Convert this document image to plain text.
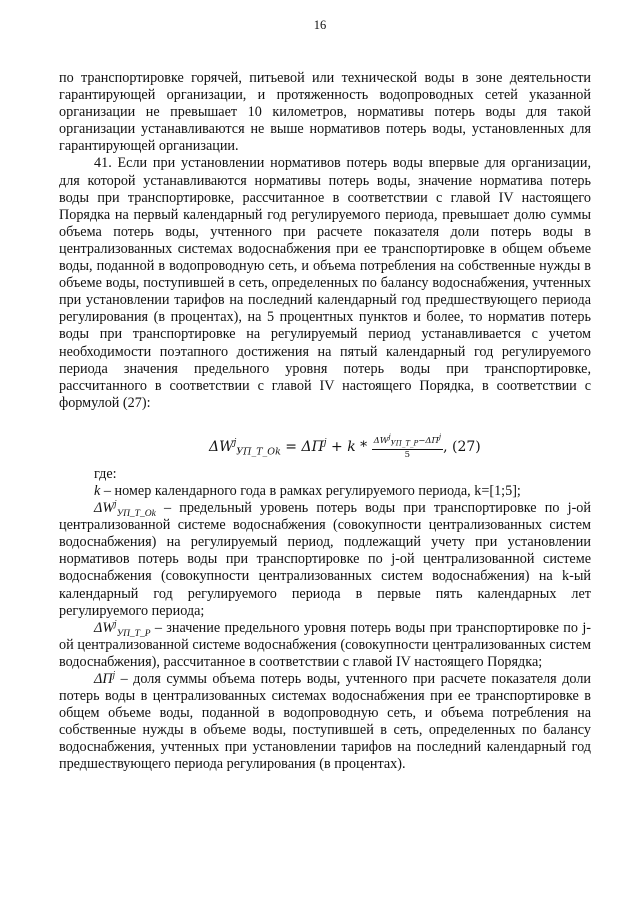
16

по транспортировке горячей, питьевой или технической воды в зоне деятельности гарантирующей организации, и протяженность водопроводных сетей указанной организации не превышает 10 километров, нормативы потерь воды для такой организации устанавливаются не выше нормативов потерь воды, установленных для гарантирующей организации.

41. Если при установлении нормативов потерь воды впервые для организации, для которой устанавливаются нормативы потерь воды, значение норматива потерь воды при транспортировке, рассчитанное в соответствии с главой IV настоящего Порядка на первый календарный год регулируемого периода, превышает долю суммы объема потерь воды, учтенного при расчете показателя доли потерь воды в централизованных системах водоснабжения при ее транспортировке в общем объеме воды, поданной в водопроводную сеть, и объема потребления на собственные нужды в объеме воды, поступившей в сеть, определенных по балансу водоснабжения, учтенных при установлении тарифов на последний календарный год предшествующего периода регулирования (в процентах), на 5 процентных пунктов и более, то норматив потерь воды при транспортировке на регулируемый период устанавливается с учетом необходимости поэтапного достижения на пятый календарный год регулируемого периода значения предельного уровня потерь воды при транспортировке, рассчитанного в соответствии с главой IV настоящего Порядка, в соответствии с формулой (27):

$\Delta W^j_{УП\_Т\_Ok} = \Delta П^j + k * \frac{\Delta W^j_{УП\_Т\_Р}-\Delta П^j}{5}$ , (27)

где:

k – номер календарного года в рамках регулируемого периода, k=[1;5];

$\Delta W^j_{УП\_Т\_Ok}$ – предельный уровень потерь воды при транспортировке по j-ой централизованной системе водоснабжения (совокупности централизованных систем водоснабжения) на регулируемый период, подлежащий учету при установлении нормативов потерь воды при транспортировке по j-ой централизованной системе водоснабжения (совокупности централизованных систем водоснабжения) на k-ый календарный год регулируемого периода в первые пять календарных лет регулируемого периода;

$\Delta W^j_{УП\_Т\_Р}$ – значение предельного уровня потерь воды при транспортировке по j-ой централизованной системе водоснабжения (совокупности централизованных систем водоснабжения), рассчитанное в соответствии с главой IV настоящего Порядка;

$\Delta П^j$ – доля суммы объема потерь воды, учтенного при расчете показателя доли потерь воды в централизованных системах водоснабжения при ее транспортировке в общем объеме воды, поданной в водопроводную сеть, и объема потребления на собственные нужды в объеме воды, поступившей в сеть, определенных по балансу водоснабжения, учтенных при установлении тарифов на последний календарный год предшествующего периода регулирования (в процентах).
